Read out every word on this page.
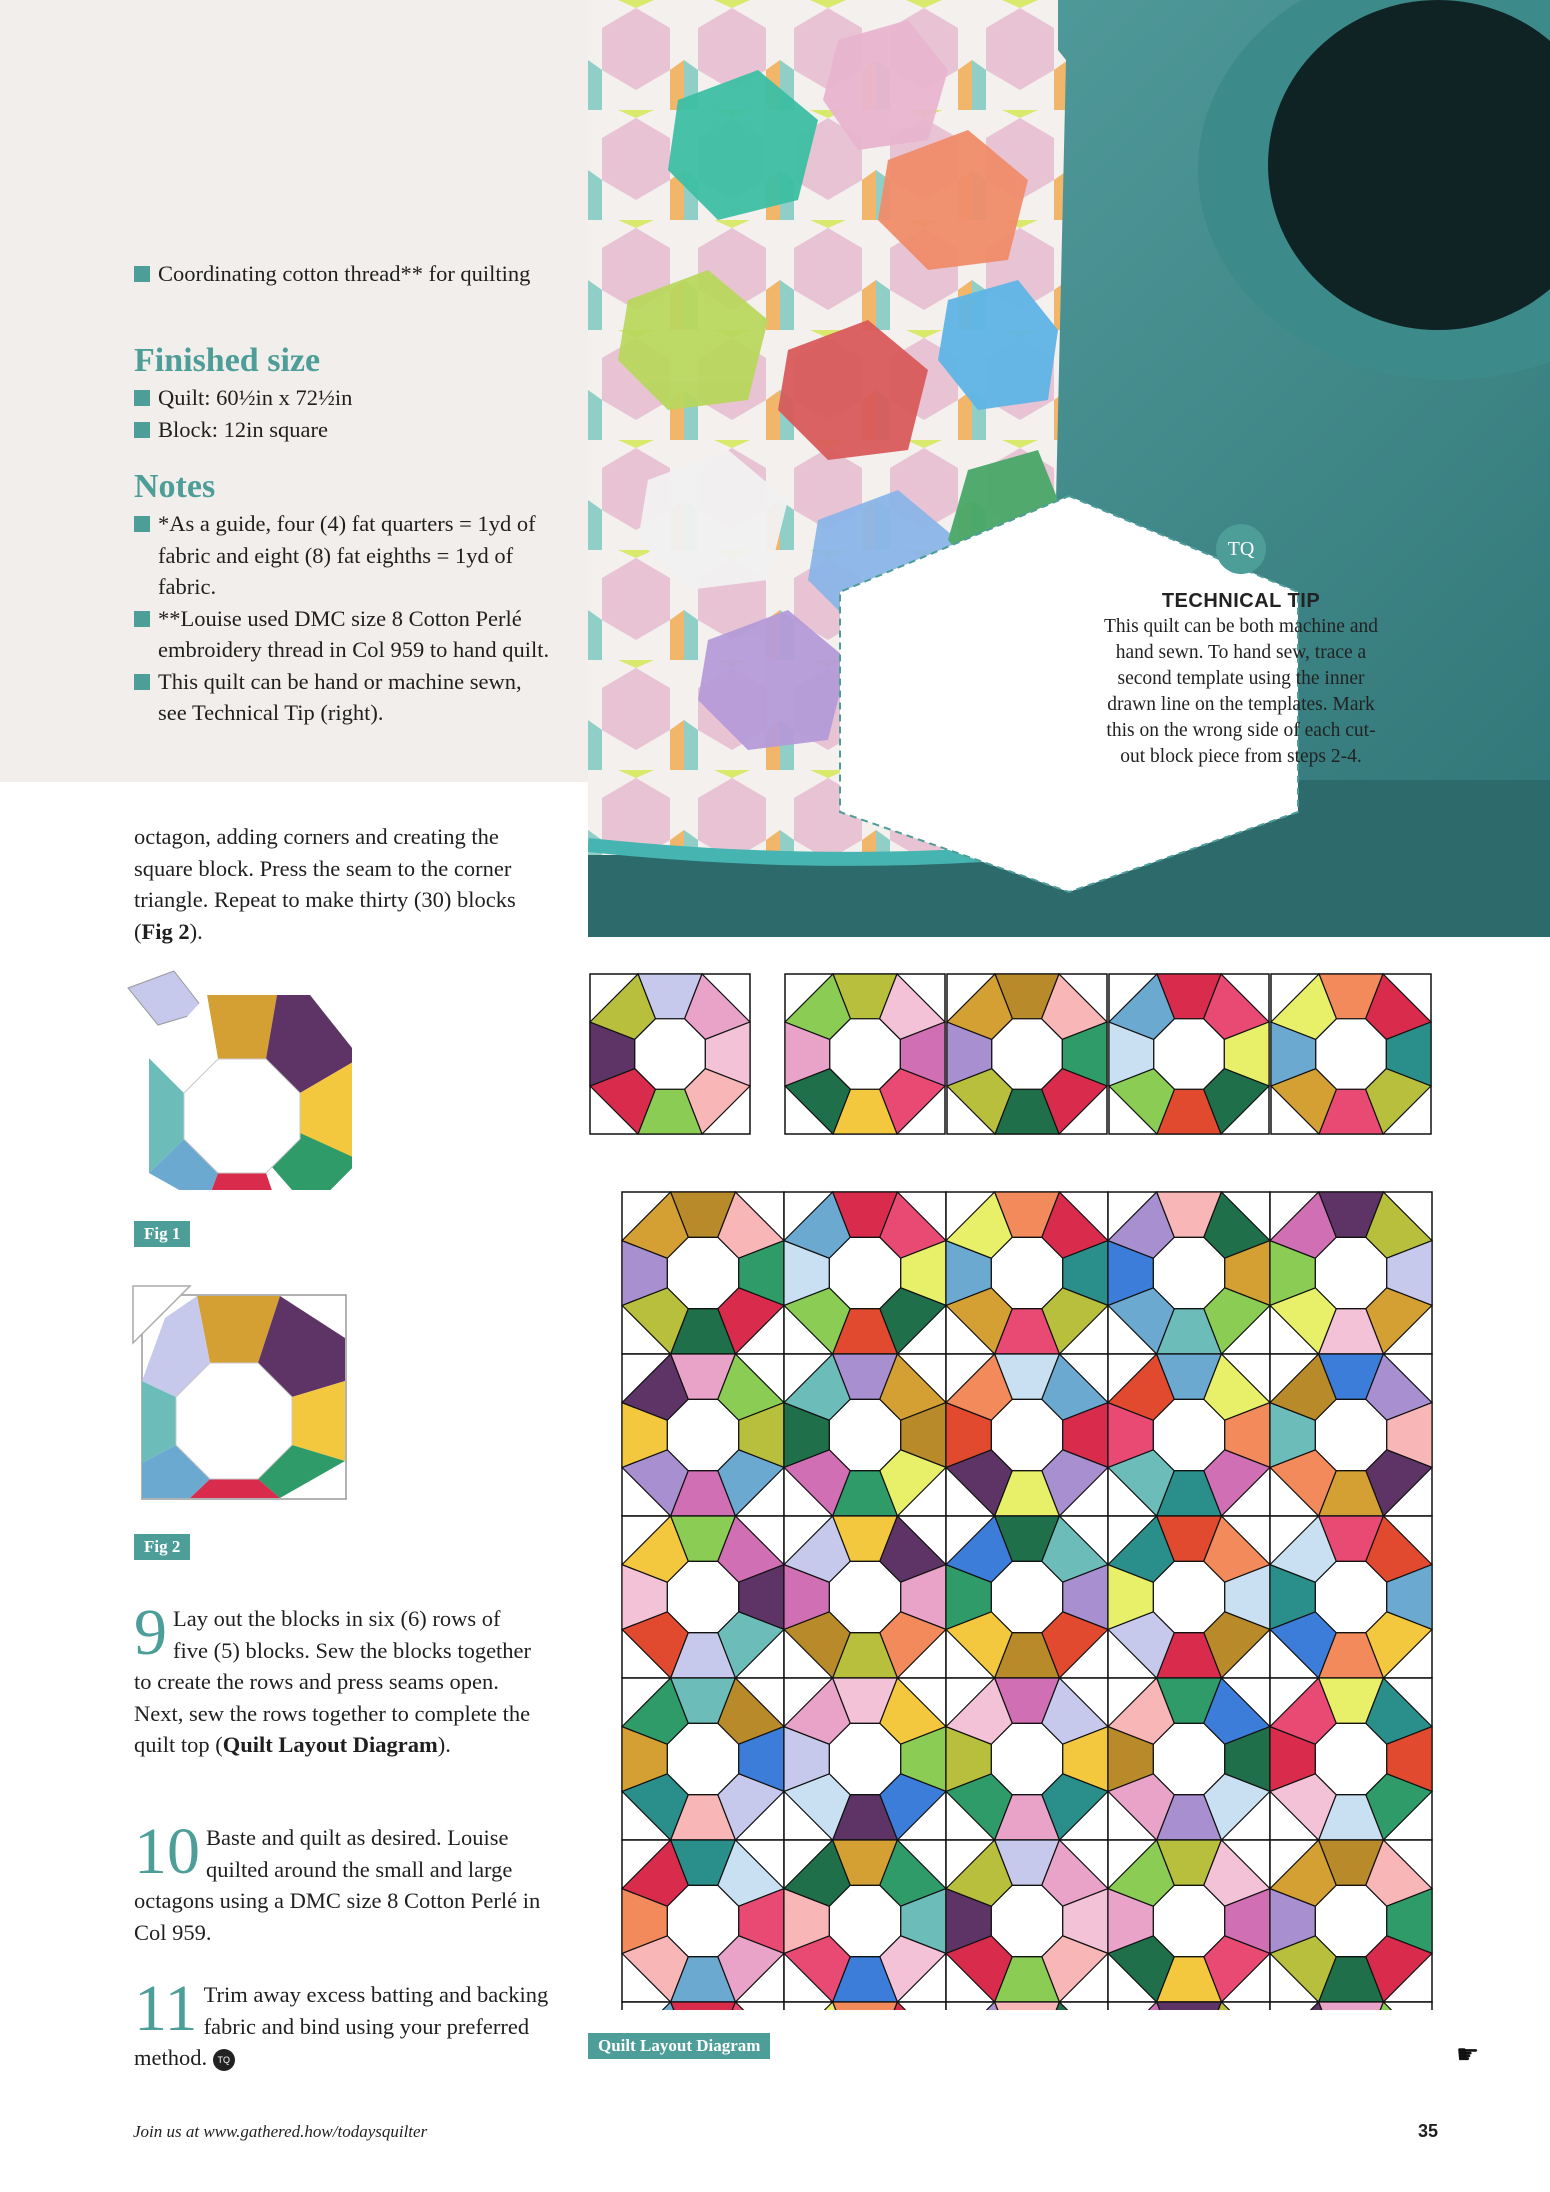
Coordinating cotton thread** for quilting
Finished size
Quilt: 60½in x 72½in
Block: 12in square
Notes
*As a guide, four (4) fat quarters = 1yd of fabric and eight (8) fat eighths = 1yd of fabric.
**Louise used DMC size 8 Cotton Perlé embroidery thread in Col 959 to hand quilt.
This quilt can be hand or machine sewn, see Technical Tip (right).

octagon, adding corners and creating the square block. Press the seam to the corner triangle. Repeat to make thirty (30) blocks (Fig 2).

Fig 1
Fig 2
9 Lay out the blocks in six (6) rows of five (5) blocks. Sew the blocks together to create the rows and press seams open. Next, sew the rows together to complete the quilt top (Quilt Layout Diagram).
10 Baste and quilt as desired. Louise quilted around the small and large octagons using a DMC size 8 Cotton Perlé in Col 959.
11 Trim away excess batting and backing fabric and bind using your preferred method. TQ
TQ
TECHNICAL TIP
This quilt can be both machine and hand sewn. To hand sew, trace a second template using the inner drawn line on the templates. Mark this on the wrong side of each cut-out block piece from steps 2-4.
Quilt Layout Diagram	☛
Join us at www.gathered.how/todaysquilter	35
